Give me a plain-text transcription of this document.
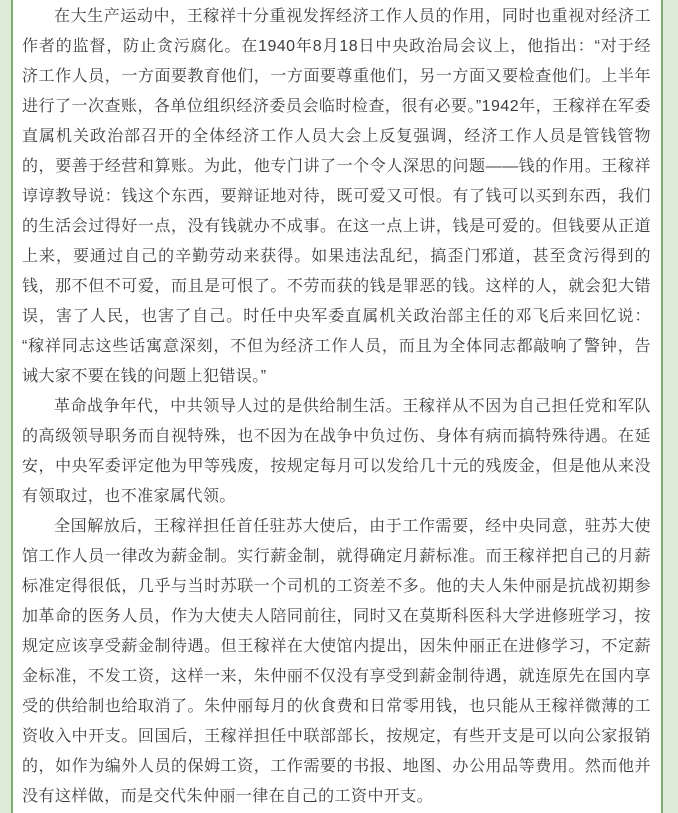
在大生产运动中，王稼祥十分重视发挥经济工作人员的作用，同时也重视对经济工作者的监督，防止贪污腐化。在1940年8月18日中央政治局会议上，他指出：“对于经济工作人员，一方面要教育他们，一方面要尊重他们，另一方面又要检查他们。上半年进行了一次查账，各单位组织经济委员会临时检查，很有必要。”1942年，王稼祥在军委直属机关政治部召开的全体经济工作人员大会上反复强调，经济工作人员是管钱管物的，要善于经营和算账。为此，他专门讲了一个令人深思的问题——钱的作用。王稼祥谆谆教导说：钱这个东西，要辩证地对待，既可爱又可恨。有了钱可以买到东西，我们的生活会过得好一点，没有钱就办不成事。在这一点上讲，钱是可爱的。但钱要从正道上来，要通过自己的辛勤劳动来获得。如果违法乱纪，搞歪门邪道，甚至贪污得到的钱，那不但不可爱，而且是可恨了。不劳而获的钱是罪恶的钱。这样的人，就会犯大错误，害了人民，也害了自己。时任中央军委直属机关政治部主任的邓飞后来回忆说：“稼祥同志这些话寓意深刻，不但为经济工作人员，而且为全体同志都敲响了警钟，告诫大家不要在钱的问题上犯错误。”

革命战争年代，中共领导人过的是供给制生活。王稼祥从不因为自己担任党和军队的高级领导职务而自视特殊，也不因为在战争中负过伤、身体有病而搞特殊待遇。在延安，中央军委评定他为甲等残废，按规定每月可以发给几十元的残废金，但是他从来没有领取过，也不准家属代领。

全国解放后，王稼祥担任首任驻苏大使后，由于工作需要，经中央同意，驻苏大使馆工作人员一律改为薪金制。实行薪金制，就得确定月薪标准。而王稼祥把自己的月薪标准定得很低，几乎与当时苏联一个司机的工资差不多。他的夫人朱仲丽是抗战初期参加革命的医务人员，作为大使夫人陪同前往，同时又在莫斯科医科大学进修班学习，按规定应该享受薪金制待遇。但王稼祥在大使馆内提出，因朱仲丽正在进修学习，不定薪金标准，不发工资，这样一来，朱仲丽不仅没有享受到薪金制待遇，就连原先在国内享受的供给制也给取消了。朱仲丽每月的伙食费和日常零用钱，也只能从王稼祥微薄的工资收入中开支。回国后，王稼祥担任中联部部长，按规定，有些开支是可以向公家报销的，如作为编外人员的保姆工资，工作需要的书报、地图、办公用品等费用。然而他并没有这样做，而是交代朱仲丽一律在自己的工资中开支。
